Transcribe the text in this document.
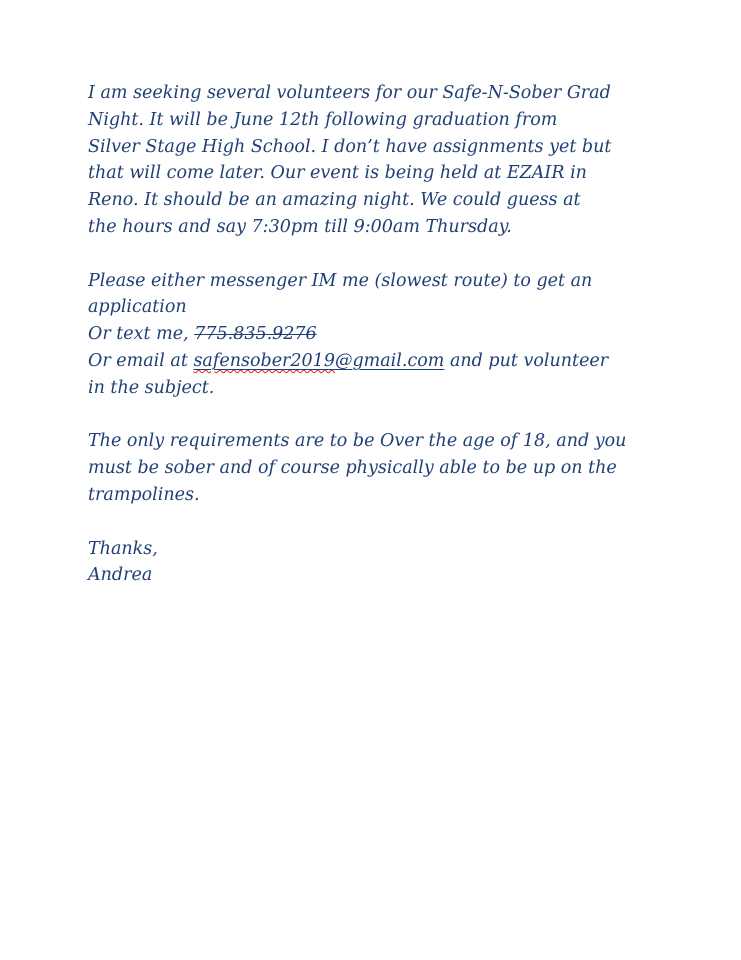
I am seeking several volunteers for our Safe-N-Sober Grad
Night. It will be June 12th following graduation from
Silver Stage High School. I don’t have assignments yet but
that will come later. Our event is being held at EZAIR in
Reno. It should be an amazing night. We could guess at
the hours and say 7:30pm till 9:00am Thursday.

Please either messenger IM me (slowest route) to get an
application
Or text me, 775.835.9276
Or email at safensober2019@gmail.com and put volunteer
in the subject.

The only requirements are to be Over the age of 18, and you
must be sober and of course physically able to be up on the
trampolines.

Thanks,
Andrea
